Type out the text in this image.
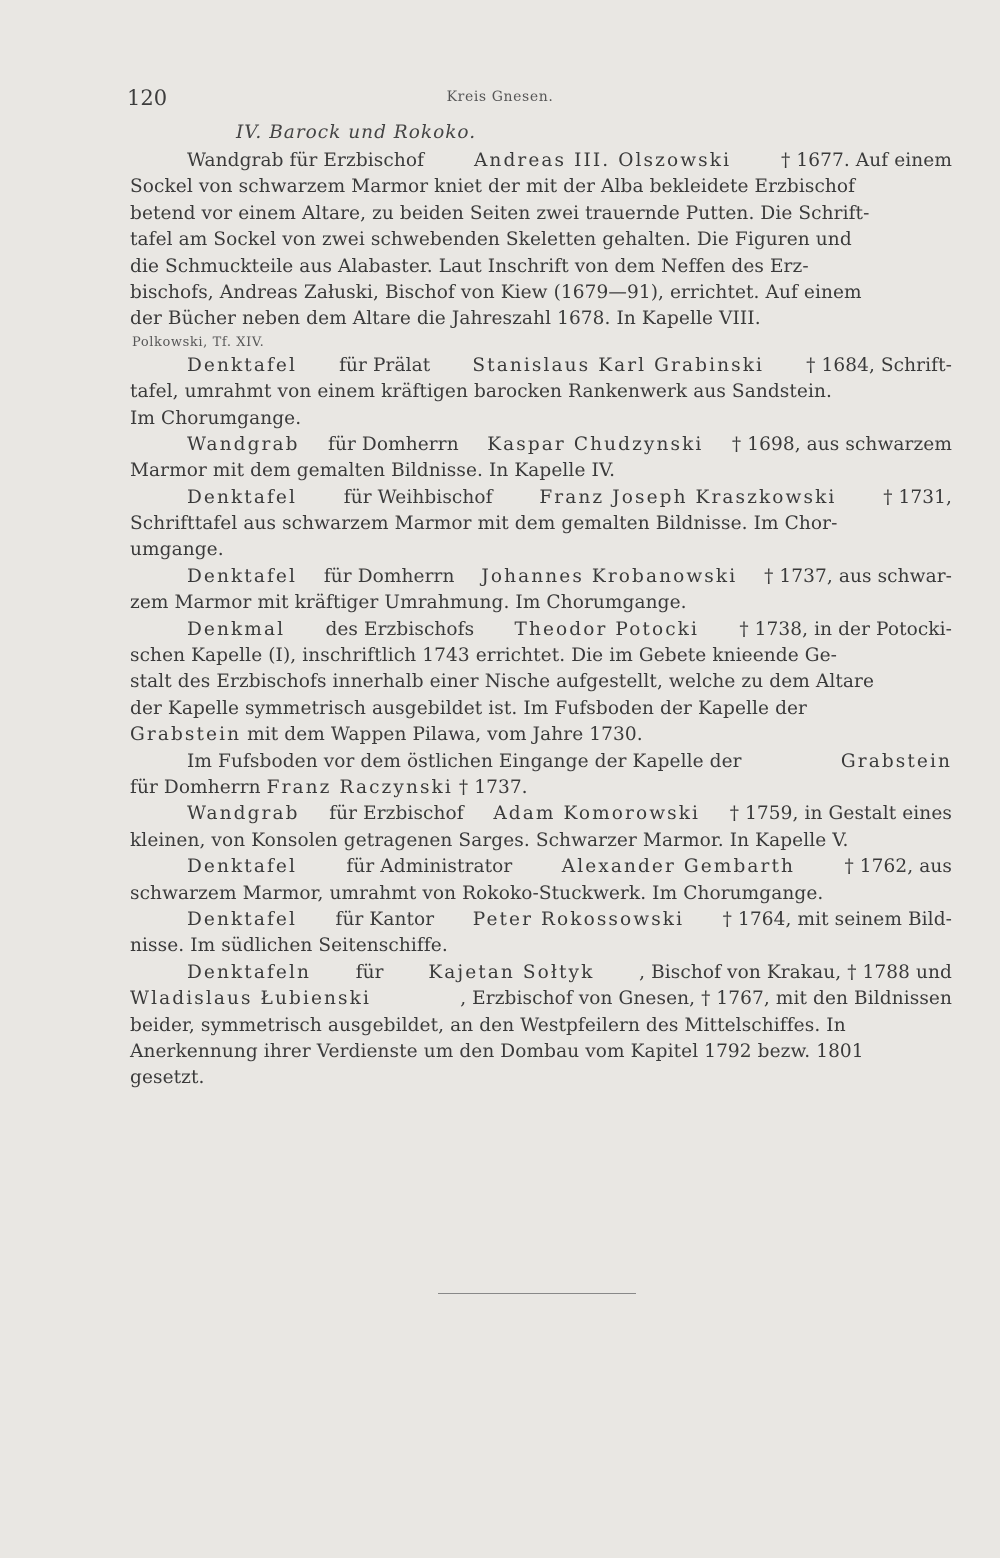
120	Kreis Gnesen.
IV. Barock und Rokoko.
Wandgrab für Erzbischof	Andreas III. Olszowski	† 1677. Auf einem
Sockel von schwarzem Marmor kniet der mit der Alba bekleidete Erzbischof
betend vor einem Altare, zu beiden Seiten zwei trauernde Putten. Die Schrift-
tafel am Sockel von zwei schwebenden Skeletten gehalten. Die Figuren und
die Schmuckteile aus Alabaster. Laut Inschrift von dem Neffen des Erz-
bischofs, Andreas Załuski, Bischof von Kiew (1679—91), errichtet. Auf einem
der Bücher neben dem Altare die Jahreszahl 1678. In Kapelle VIII.
Polkowski, Tf. XIV.
Denktafel für Prälat Stanislaus Karl Grabinski † 1684, Schrift-
tafel, umrahmt von einem kräftigen barocken Rankenwerk aus Sandstein.
Im Chorumgange.
Wandgrab für Domherrn Kaspar Chudzynski † 1698, aus schwarzem
Marmor mit dem gemalten Bildnisse. In Kapelle IV.
Denktafel	für Weihbischof	Franz Joseph Kraszkowski	† 1731,
Schrifttafel aus schwarzem Marmor mit dem gemalten Bildnisse. Im Chor-
umgange.
Denktafel für Domherrn Johannes Krobanowski † 1737, aus schwar-
zem Marmor mit kräftiger Umrahmung. Im Chorumgange.
Denkmal des Erzbischofs Theodor Potocki † 1738, in der Potocki-
schen Kapelle (I), inschriftlich 1743 errichtet. Die im Gebete knieende Ge-
stalt des Erzbischofs innerhalb einer Nische aufgestellt, welche zu dem Altare
der Kapelle symmetrisch ausgebildet ist. Im Fufsboden der Kapelle der
Grabstein mit dem Wappen Pilawa, vom Jahre 1730.
Im Fufsboden vor dem östlichen Eingange der Kapelle der	Grabstein
für Domherrn Franz Raczynski † 1737.
Wandgrab für Erzbischof Adam Komorowski † 1759, in Gestalt eines
kleinen, von Konsolen getragenen Sarges. Schwarzer Marmor. In Kapelle V.
Denktafel	für Administrator	Alexander Gembarth	† 1762, aus
schwarzem Marmor, umrahmt von Rokoko-Stuckwerk. Im Chorumgange.
Denktafel für Kantor Peter Rokossowski † 1764, mit seinem Bild-
nisse. Im südlichen Seitenschiffe.
Denktafeln für Kajetan Sołtyk , Bischof von Krakau, † 1788 und
Wladislaus Łubienski	, Erzbischof von Gnesen, † 1767, mit den Bildnissen
beider, symmetrisch ausgebildet, an den Westpfeilern des Mittelschiffes. In
Anerkennung ihrer Verdienste um den Dombau vom Kapitel 1792 bezw. 1801
gesetzt.
